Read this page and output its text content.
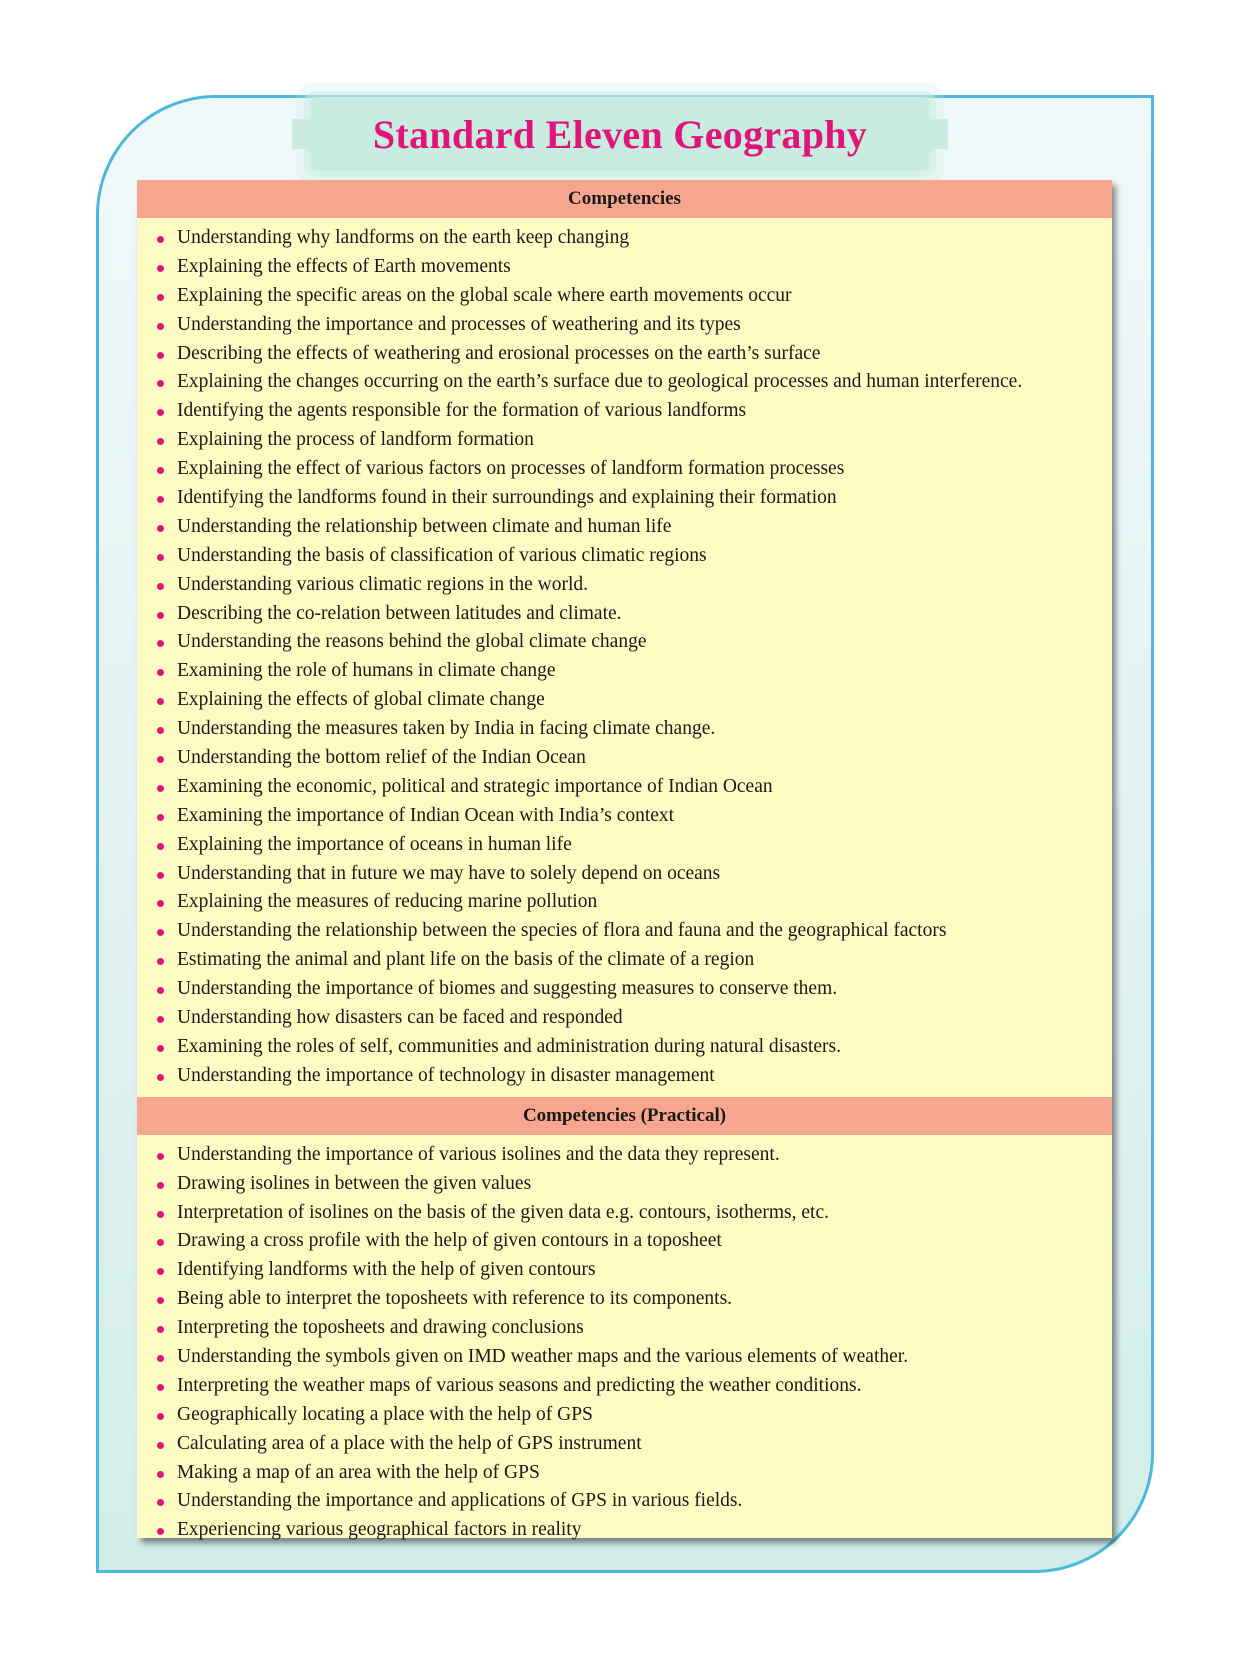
Standard Eleven Geography
Competencies
Understanding why landforms on the earth keep changing
Explaining the effects of Earth movements
Explaining the specific areas on the global scale where earth movements occur
Understanding the importance and processes of weathering and its types
Describing the effects of weathering and erosional processes on the earth’s surface
Explaining the changes occurring on the earth’s surface due to geological processes and human interference.
Identifying the agents responsible for the formation of various landforms
Explaining the process of landform formation
Explaining the effect of various factors on processes of landform formation processes
Identifying the landforms found in their surroundings and explaining their formation
Understanding the relationship between climate and human life
Understanding the basis of classification of various climatic regions
Understanding various climatic regions in the world.
Describing the co-relation between latitudes and climate.
Understanding the reasons behind the global climate change
Examining the role of humans in climate change
Explaining the effects of global climate change
Understanding the measures taken by India in facing climate change.
Understanding the bottom relief of the Indian Ocean
Examining the economic, political and strategic importance of Indian Ocean
Examining the importance of Indian Ocean with India’s context
Explaining the importance of oceans in human life
Understanding that in future we may have to solely depend on oceans
Explaining the measures of reducing marine pollution
Understanding the relationship between the species of flora and fauna and the geographical factors
Estimating the animal and plant life on the basis of the climate of a region
Understanding the importance of biomes and suggesting measures to conserve them.
Understanding how disasters can be faced and responded
Examining the roles of self, communities and administration during natural disasters.
Understanding the importance of technology in disaster management
Competencies (Practical)
Understanding the importance of various isolines and the data they represent.
Drawing isolines in between the given values
Interpretation of isolines on the basis of the given data e.g. contours, isotherms, etc.
Drawing a cross profile with the help of given contours in a toposheet
Identifying landforms with the help of given contours
Being able to interpret the toposheets with reference to its components.
Interpreting the toposheets and drawing conclusions
Understanding the symbols given on IMD weather maps and the various elements of weather.
Interpreting the weather maps of various seasons and predicting the weather conditions.
Geographically locating a place with the help of GPS
Calculating area of a place with the help of GPS instrument
Making a map of an area with the help of GPS
Understanding the importance and applications of GPS in various fields.
Experiencing various geographical factors in reality
